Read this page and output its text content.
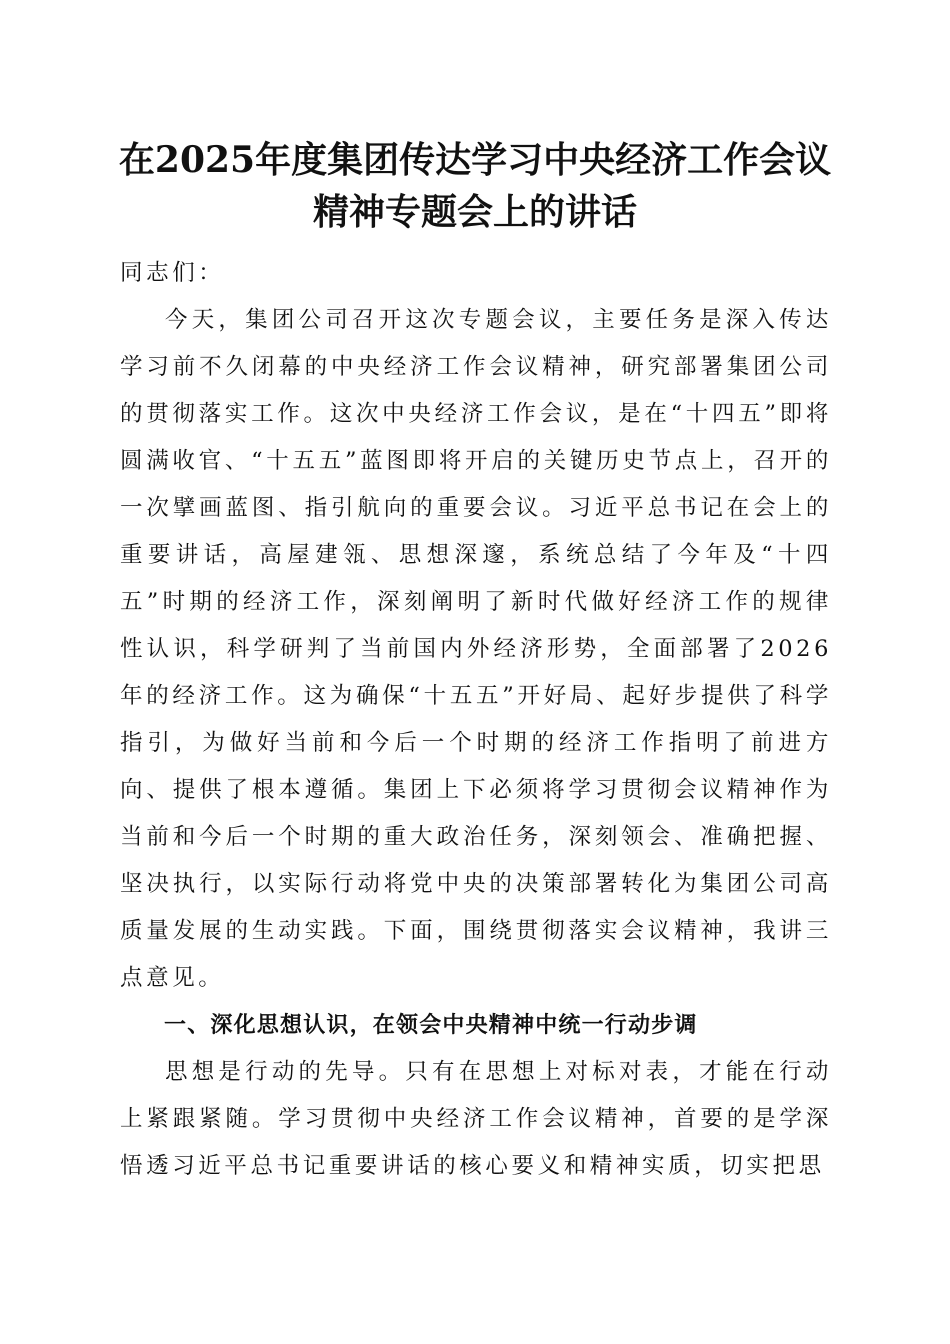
在2025年度集团传达学习中央经济工作会议
精神专题会上的讲话

同志们：

今天，集团公司召开这次专题会议，主要任务是深入传达学习前不久闭幕的中央经济工作会议精神，研究部署集团公司的贯彻落实工作。这次中央经济工作会议，是在“十四五”即将圆满收官、“十五五”蓝图即将开启的关键历史节点上，召开的一次擘画蓝图、指引航向的重要会议。习近平总书记在会上的重要讲话，高屋建瓴、思想深邃，系统总结了今年及“十四五”时期的经济工作，深刻阐明了新时代做好经济工作的规律性认识，科学研判了当前国内外经济形势，全面部署了2026年的经济工作。这为确保“十五五”开好局、起好步提供了科学指引，为做好当前和今后一个时期的经济工作指明了前进方向、提供了根本遵循。集团上下必须将学习贯彻会议精神作为当前和今后一个时期的重大政治任务，深刻领会、准确把握、坚决执行，以实际行动将党中央的决策部署转化为集团公司高质量发展的生动实践。下面，围绕贯彻落实会议精神，我讲三点意见。

一、深化思想认识，在领会中央精神中统一行动步调

思想是行动的先导。只有在思想上对标对表，才能在行动上紧跟紧随。学习贯彻中央经济工作会议精神，首要的是学深悟透习近平总书记重要讲话的核心要义和精神实质，切实把思
